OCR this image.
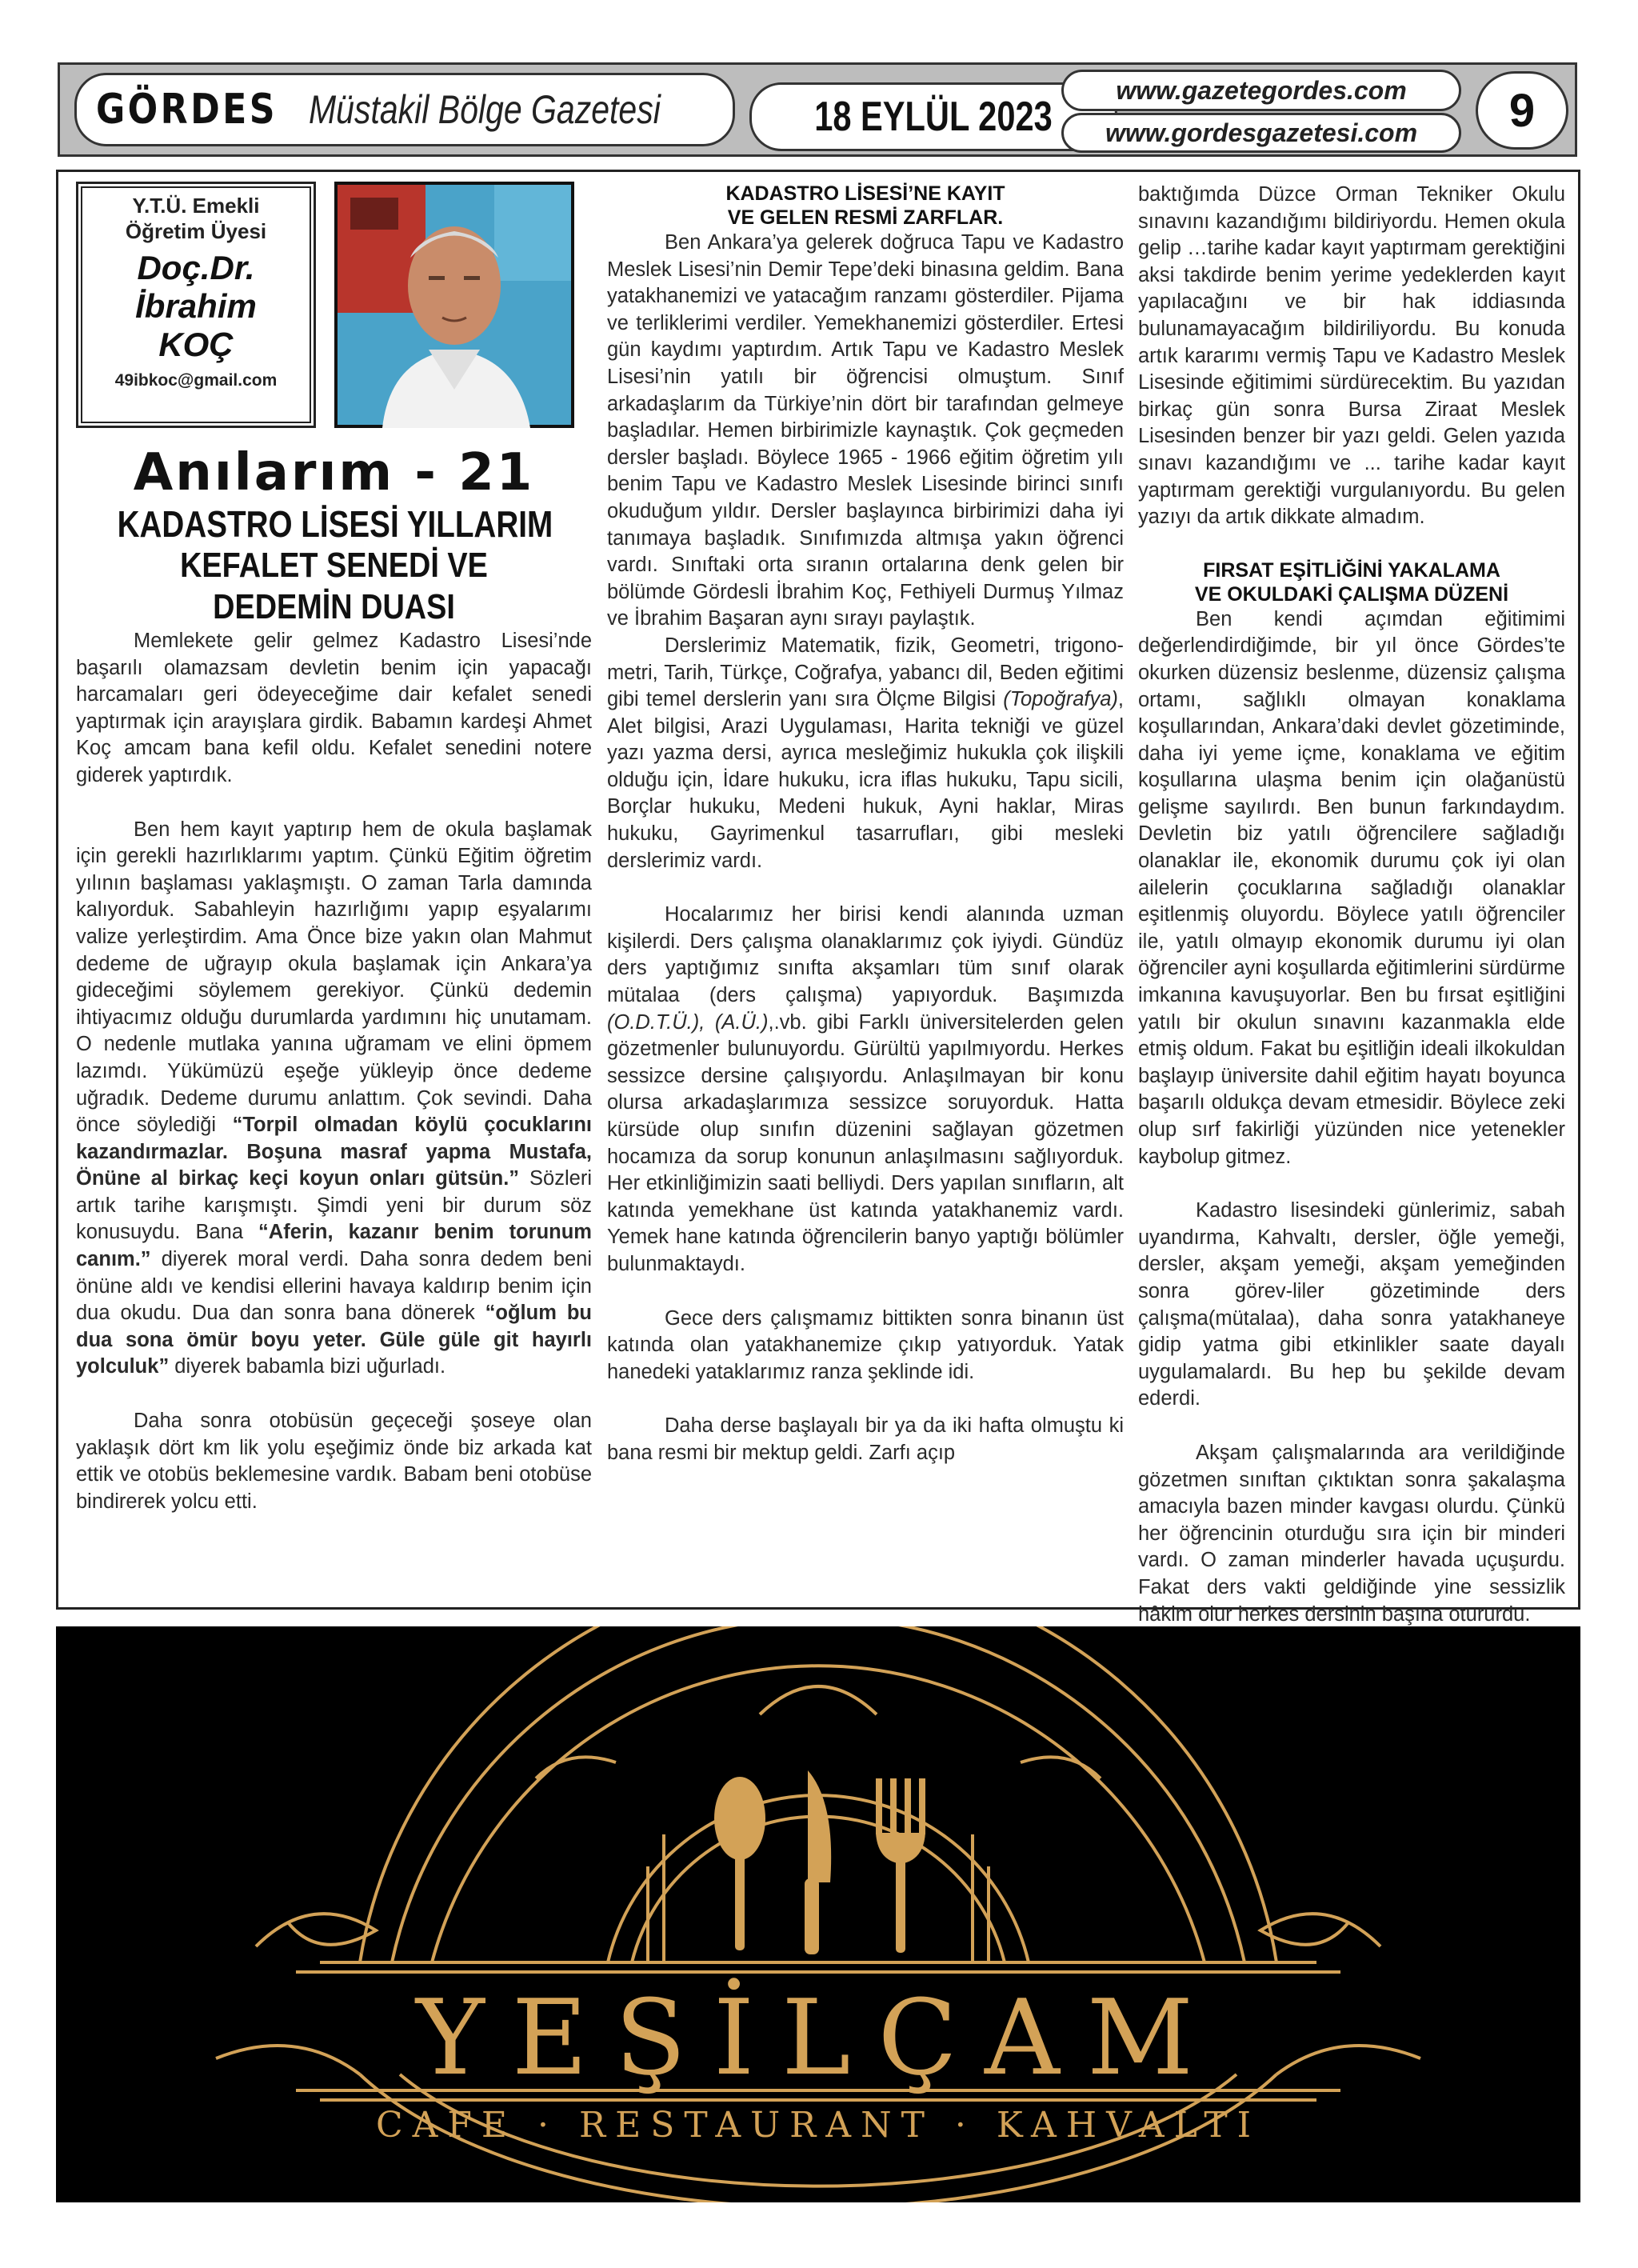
GÖRDES Müstakil Bölge Gazetesi	18 EYLÜL 2023
www.gazetegordes.com
www.gordesgazetesi.com 9
Y.T.Ü. Emekli
Öğretim Üyesi
Doç.Dr.
İbrahim
KOÇ
49ibkoc@gmail.com

Anılarım - 21
KADASTRO LİSESİ YILLARIM
KEFALET SENEDİ VE
DEDEMİN DUASI

Memlekete gelir gelmez Kadastro Lisesi’nde başarılı olamazsam devletin benim için yapacağı harcamaları geri ödeyeceğime dair kefalet senedi yaptırmak için arayışlara girdik. Babamın kardeşi Ahmet Koç amcam bana kefil oldu. Kefalet senedini notere giderek yaptırdık.

Ben hem kayıt yaptırıp hem de okula başlamak için gerekli hazırlıklarımı yaptım. Çünkü Eğitim öğretim yılının başlaması yaklaşmıştı. O zaman Tarla damında kalıyorduk. Sabahleyin hazırlığımı yapıp eşyalarımı valize yerleştirdim. Ama Önce bize yakın olan Mahmut dedeme de uğrayıp okula başlamak için Ankara’ya gideceğimi söylemem gerekiyor. Çünkü dedemin ihtiyacımız olduğu durumlarda yardımını hiç unutamam. O nedenle mutlaka yanına uğramam ve elini öpmem lazımdı. Yükümüzü eşeğe yükleyip önce dedeme uğradık. Dedeme durumu anlattım. Çok sevindi. Daha önce söylediği “Torpil olmadan köylü çocuklarını kazandırmazlar. Boşuna masraf yapma Mustafa, Önüne al birkaç keçi koyun onları gütsün.” Sözleri artık tarihe karışmıştı. Şimdi yeni bir durum söz konusuydu. Bana “Aferin, kazanır benim torunum canım.” diyerek moral verdi. Daha sonra dedem beni önüne aldı ve kendisi ellerini havaya kaldırıp benim için dua okudu. Dua dan sonra bana dönerek “oğlum bu dua sona ömür boyu yeter. Güle güle git hayırlı yolculuk” diyerek babamla bizi uğurladı.

Daha sonra otobüsün geçeceği şoseye olan yaklaşık dört km lik yolu eşeğimiz önde biz arkada kat ettik ve otobüs beklemesine vardık. Babam beni otobüse bindirerek yolcu etti.

KADASTRO LİSESİ’NE KAYIT
VE GELEN RESMİ ZARFLAR.

Ben Ankara’ya gelerek doğruca Tapu ve Kadastro Meslek Lisesi’nin Demir Tepe’deki binasına geldim. Bana yatakhanemizi ve yatacağım ranzamı gösterdiler. Pijama ve terliklerimi verdiler. Yemekhanemizi gösterdiler. Ertesi gün kaydımı yaptırdım. Artık Tapu ve Kadastro Meslek Lisesi’nin yatılı bir öğrencisi olmuştum. Sınıf arkadaşlarım da Türkiye’nin dört bir tarafından gelmeye başladılar. Hemen birbirimizle kaynaştık. Çok geçmeden dersler başladı. Böylece 1965 - 1966 eğitim öğretim yılı benim Tapu ve Kadastro Meslek Lisesinde birinci sınıfı okuduğum yıldır. Dersler başlayınca birbirimizi daha iyi tanımaya başladık. Sınıfımızda altmışa yakın öğrenci vardı. Sınıftaki orta sıranın ortalarına denk gelen bir bölümde Gördesli İbrahim Koç, Fethiyeli Durmuş Yılmaz ve İbrahim Başaran aynı sırayı paylaştık.

Derslerimiz Matematik, fizik, Geometri, trigono-metri, Tarih, Türkçe, Coğrafya, yabancı dil, Beden eğitimi gibi temel derslerin yanı sıra Ölçme Bilgisi (Topoğrafya), Alet bilgisi, Arazi Uygulaması, Harita tekniği ve güzel yazı yazma dersi, ayrıca mesleğimiz hukukla çok ilişkili olduğu için, İdare hukuku, icra iflas hukuku, Tapu sicili, Borçlar hukuku, Medeni hukuk, Ayni haklar, Miras hukuku, Gayrimenkul tasarrufları, gibi mesleki derslerimiz vardı.

Hocalarımız her birisi kendi alanında uzman kişilerdi. Ders çalışma olanaklarımız çok iyiydi. Gündüz ders yaptığımız sınıfta akşamları tüm sınıf olarak mütalaa (ders çalışma) yapıyorduk. Başımızda (O.D.T.Ü.), (A.Ü.),.vb. gibi Farklı üniversitelerden gelen gözetmenler bulunuyordu. Gürültü yapılmıyordu. Herkes sessizce dersine çalışıyordu. Anlaşılmayan bir konu olursa arkadaşlarımıza sessizce soruyorduk. Hatta kürsüde olup sınıfın düzenini sağlayan gözetmen hocamıza da sorup konunun anlaşılmasını sağlıyorduk. Her etkinliğimizin saati belliydi. Ders yapılan sınıfların, alt katında yemekhane üst katında yatakhanemiz vardı. Yemek hane katında öğrencilerin banyo yaptığı bölümler bulunmaktaydı.

Gece ders çalışmamız bittikten sonra binanın üst katında olan yatakhanemize çıkıp yatıyorduk. Yatak hanedeki yataklarımız ranza şeklinde idi.

Daha derse başlayalı bir ya da iki hafta olmuştu ki bana resmi bir mektup geldi. Zarfı açıp

baktığımda Düzce Orman Tekniker Okulu sınavını kazandığımı bildiriyordu. Hemen okula gelip …tarihe kadar kayıt yaptırmam gerektiğini aksi takdirde benim yerime yedeklerden kayıt yapılacağını ve bir hak iddiasında bulunamayacağım bildiriliyordu. Bu konuda artık kararımı vermiş Tapu ve Kadastro Meslek Lisesinde eğitimimi sürdürecektim. Bu yazıdan birkaç gün sonra Bursa Ziraat Meslek Lisesinden benzer bir yazı geldi. Gelen yazıda sınavı kazandığımı ve ... tarihe kadar kayıt yaptırmam gerektiği vurgulanıyordu. Bu gelen yazıyı da artık dikkate almadım.

FIRSAT EŞİTLİĞİNİ YAKALAMA
VE OKULDAKİ ÇALIŞMA DÜZENİ

Ben kendi açımdan eğitimimi değerlendirdiğimde, bir yıl önce Gördes’te okurken düzensiz beslenme, düzensiz çalışma ortamı, sağlıklı olmayan konaklama koşullarından, Ankara’daki devlet gözetiminde, daha iyi yeme içme, konaklama ve eğitim koşullarına ulaşma benim için olağanüstü gelişme sayılırdı. Ben bunun farkındaydım. Devletin biz yatılı öğrencilere sağladığı olanaklar ile, ekonomik durumu çok iyi olan ailelerin çocuklarına sağladığı olanaklar eşitlenmiş oluyordu. Böylece yatılı öğrenciler ile, yatılı olmayıp ekonomik durumu iyi olan öğrenciler ayni koşullarda eğitimlerini sürdürme imkanına kavuşuyorlar. Ben bu fırsat eşitliğini yatılı bir okulun sınavını kazanmakla elde etmiş oldum. Fakat bu eşitliğin ideali ilkokuldan başlayıp üniversite dahil eğitim hayatı boyunca başarılı oldukça devam etmesidir. Böylece zeki olup sırf fakirliği yüzünden nice yetenekler kaybolup gitmez.

Kadastro lisesindeki günlerimiz, sabah uyandırma, Kahvaltı, dersler, öğle yemeği, dersler, akşam yemeği, akşam yemeğinden sonra görev-liler gözetiminde ders çalışma(mütalaa), daha sonra yatakhaneye gidip yatma gibi etkinlikler saate dayalı uygulamalardı. Bu hep bu şekilde devam ederdi.

Akşam çalışmalarında ara verildiğinde gözetmen sınıftan çıktıktan sonra şakalaşma amacıyla bazen minder kavgası olurdu. Çünkü her öğrencinin oturduğu sıra için bir minderi vardı. O zaman minderler havada uçuşurdu. Fakat ders vakti geldiğinde yine sessizlik hâkim olur herkes dersinin başına otururdu.

YEŞİLÇAM
CAFE · RESTAURANT · KAHVALTI
